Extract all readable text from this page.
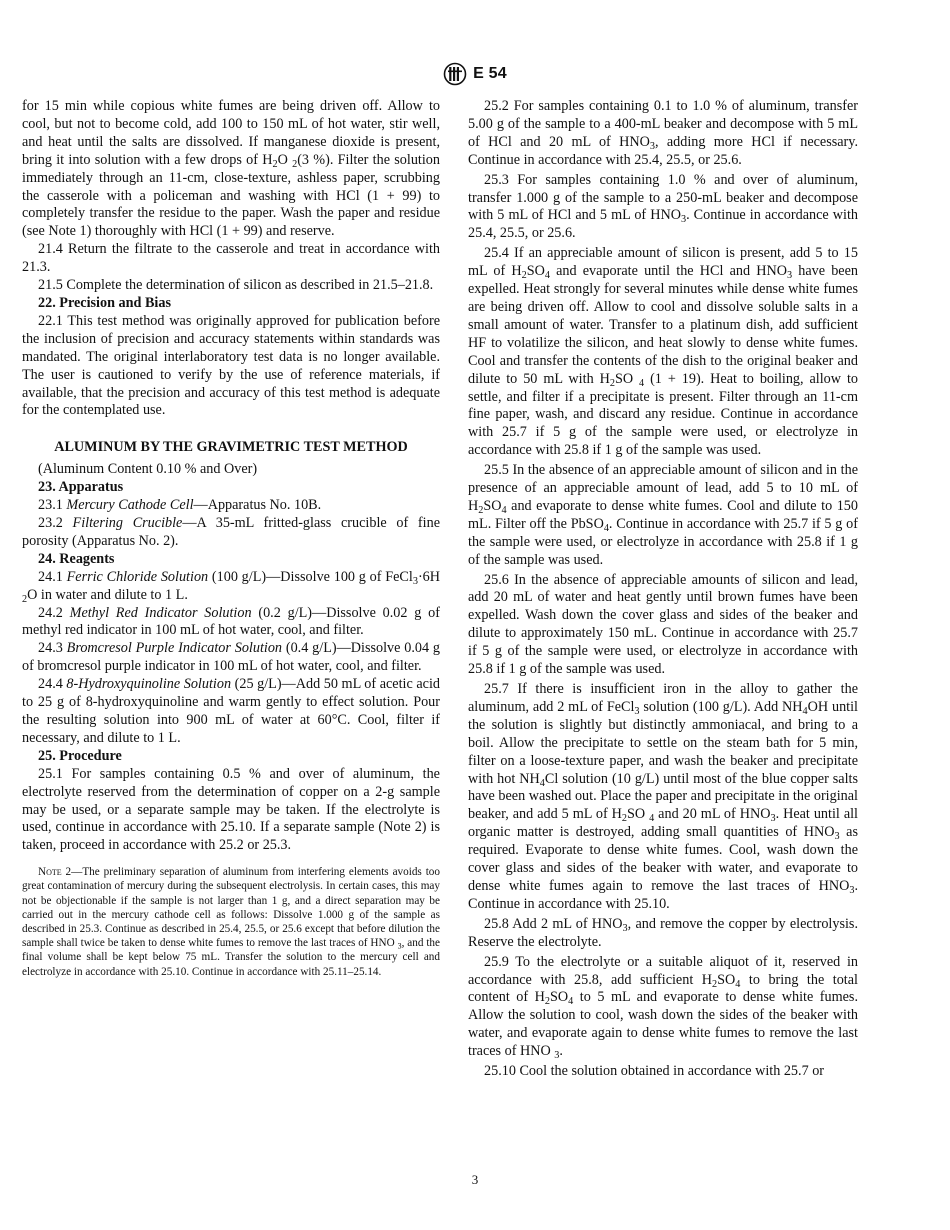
E 54

for 15 min while copious white fumes are being driven off. Allow to cool, but not to become cold, add 100 to 150 mL of hot water, stir well, and heat until the salts are dissolved. If manganese dioxide is present, bring it into solution with a few drops of $H_2O$ $_2$(3 %). Filter the solution immediately through an 11-cm, close-texture, ashless paper, scrubbing the casserole with a policeman and washing with HCl (1 + 99) to completely transfer the residue to the paper. Wash the paper and residue (see Note 1) thoroughly with HCl (1 + 99) and reserve.

21.4 Return the filtrate to the casserole and treat in accordance with 21.3.

21.5 Complete the determination of silicon as described in 21.5–21.8.

22. Precision and Bias

22.1 This test method was originally approved for publication before the inclusion of precision and accuracy statements within standards was mandated. The original interlaboratory test data is no longer available. The user is cautioned to verify by the use of reference materials, if available, that the precision and accuracy of this test method is adequate for the contemplated use.

ALUMINUM BY THE GRAVIMETRIC TEST METHOD

(Aluminum Content 0.10 % and Over)

23. Apparatus

23.1 Mercury Cathode Cell—Apparatus No. 10B.

23.2 Filtering Crucible—A 35-mL fritted-glass crucible of fine porosity (Apparatus No. 2).

24. Reagents

24.1 Ferric Chloride Solution (100 g/L)—Dissolve 100 g of FeCl$_3$·6H $_2$O in water and dilute to 1 L.

24.2 Methyl Red Indicator Solution (0.2 g/L)—Dissolve 0.02 g of methyl red indicator in 100 mL of hot water, cool, and filter.

24.3 Bromcresol Purple Indicator Solution (0.4 g/L)—Dissolve 0.04 g of bromcresol purple indicator in 100 mL of hot water, cool, and filter.

24.4 8-Hydroxyquinoline Solution (25 g/L)—Add 50 mL of acetic acid to 25 g of 8-hydroxyquinoline and warm gently to effect solution. Pour the resulting solution into 900 mL of water at 60°C. Cool, filter if necessary, and dilute to 1 L.

25. Procedure

25.1 For samples containing 0.5 % and over of aluminum, the electrolyte reserved from the determination of copper on a 2-g sample may be used, or a separate sample may be taken. If the electrolyte is used, continue in accordance with 25.10. If a separate sample (Note 2) is taken, proceed in accordance with 25.2 or 25.3.

Note 2—The preliminary separation of aluminum from interfering elements avoids too great contamination of mercury during the subsequent electrolysis. In certain cases, this may not be objectionable if the sample is not larger than 1 g, and a direct separation may be carried out in the mercury cathode cell as follows: Dissolve 1.000 g of the sample as described in 25.3. Continue as described in 25.4, 25.5, or 25.6 except that before dilution the sample shall twice be taken to dense white fumes to remove the last traces of HNO $_3$, and the final volume shall be kept below 75 mL. Transfer the solution to the mercury cell and electrolyze in accordance with 25.10. Continue in accordance with 25.11–25.14.

25.2 For samples containing 0.1 to 1.0 % of aluminum, transfer 5.00 g of the sample to a 400-mL beaker and decompose with 5 mL of HCl and 20 mL of $HNO_3$, adding more HCl if necessary. Continue in accordance with 25.4, 25.5, or 25.6.

25.3 For samples containing 1.0 % and over of aluminum, transfer 1.000 g of the sample to a 250-mL beaker and decompose with 5 mL of HCl and 5 mL of $HNO_3$. Continue in accordance with 25.4, 25.5, or 25.6.

25.4 If an appreciable amount of silicon is present, add 5 to 15 mL of $H_2SO_4$ and evaporate until the HCl and $HNO_3$ have been expelled. Heat strongly for several minutes while dense white fumes are being driven off. Allow to cool and dissolve soluble salts in a small amount of water. Transfer to a platinum dish, add sufficient HF to volatilize the silicon, and heat slowly to dense white fumes. Cool and transfer the contents of the dish to the original beaker and dilute to 50 mL with $H_2SO$ $_4$ (1 + 19). Heat to boiling, allow to settle, and filter if a precipitate is present. Filter through an 11-cm fine paper, wash, and discard any residue. Continue in accordance with 25.7 if 5 g of the sample were used, or electrolyze in accordance with 25.8 if 1 g of the sample was used.

25.5 In the absence of an appreciable amount of silicon and in the presence of an appreciable amount of lead, add 5 to 10 mL of $H_2SO_4$ and evaporate to dense white fumes. Cool and dilute to 150 mL. Filter off the PbSO$_4$. Continue in accordance with 25.7 if 5 g of the sample were used, or electrolyze in accordance with 25.8 if 1 g of the sample was used.

25.6 In the absence of appreciable amounts of silicon and lead, add 20 mL of water and heat gently until brown fumes have been expelled. Wash down the cover glass and sides of the beaker and dilute to approximately 150 mL. Continue in accordance with 25.7 if 5 g of the sample were used, or electrolyze in accordance with 25.8 if 1 g of the sample was used.

25.7 If there is insufficient iron in the alloy to gather the aluminum, add 2 mL of FeCl$_3$ solution (100 g/L). Add $NH_4OH$ until the solution is slightly but distinctly ammoniacal, and bring to a boil. Allow the precipitate to settle on the steam bath for 5 min, filter on a loose-texture paper, and wash the beaker and precipitate with hot $NH_4Cl$ solution (10 g/L) until most of the blue copper salts have been washed out. Place the paper and precipitate in the original beaker, and add 5 mL of $H_2SO$ $_4$ and 20 mL of $HNO_3$. Heat until all organic matter is destroyed, adding small quantities of $HNO_3$ as required. Evaporate to dense white fumes. Cool, wash down the cover glass and sides of the beaker with water, and evaporate to dense white fumes again to remove the last traces of $HNO_3$. Continue in accordance with 25.10.

25.8 Add 2 mL of $HNO_3$, and remove the copper by electrolysis. Reserve the electrolyte.

25.9 To the electrolyte or a suitable aliquot of it, reserved in accordance with 25.8, add sufficient $H_2SO_4$ to bring the total content of $H_2SO_4$ to 5 mL and evaporate to dense white fumes. Allow the solution to cool, wash down the sides of the beaker with water, and evaporate again to dense white fumes to remove the last traces of HNO $_3$.

25.10 Cool the solution obtained in accordance with 25.7 or

3
